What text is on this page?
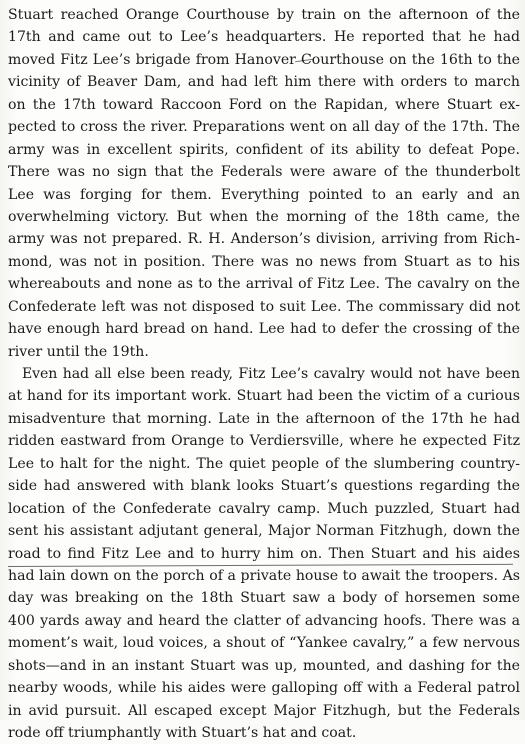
Stuart reached Orange Courthouse by train on the afternoon of the
17th and came out to Lee’s headquarters. He reported that he had
moved Fitz Lee’s brigade from Hanover Courthouse on the 16th to the
vicinity of Beaver Dam, and had left him there with orders to march
on the 17th toward Raccoon Ford on the Rapidan, where Stuart ex-
pected to cross the river. Preparations went on all day of the 17th. The
army was in excellent spirits, confident of its ability to defeat Pope.
There was no sign that the Federals were aware of the thunderbolt
Lee was forging for them. Everything pointed to an early and an
overwhelming victory. But when the morning of the 18th came, the
army was not prepared. R. H. Anderson’s division, arriving from Rich-
mond, was not in position. There was no news from Stuart as to his
whereabouts and none as to the arrival of Fitz Lee. The cavalry on the
Confederate left was not disposed to suit Lee. The commissary did not
have enough hard bread on hand. Lee had to defer the crossing of the
river until the 19th.
Even had all else been ready, Fitz Lee’s cavalry would not have been
at hand for its important work. Stuart had been the victim of a curious
misadventure that morning. Late in the afternoon of the 17th he had
ridden eastward from Orange to Verdiersville, where he expected Fitz
Lee to halt for the night. The quiet people of the slumbering country-
side had answered with blank looks Stuart’s questions regarding the
location of the Confederate cavalry camp. Much puzzled, Stuart had
sent his assistant adjutant general, Major Norman Fitzhugh, down the
road to find Fitz Lee and to hurry him on. Then Stuart and his aides
had lain down on the porch of a private house to await the troopers. As
day was breaking on the 18th Stuart saw a body of horsemen some
400 yards away and heard the clatter of advancing hoofs. There was a
moment’s wait, loud voices, a shout of “Yankee cavalry,” a few nervous
shots—and in an instant Stuart was up, mounted, and dashing for the
nearby woods, while his aides were galloping off with a Federal patrol
in avid pursuit. All escaped except Major Fitzhugh, but the Federals
rode off triumphantly with Stuart’s hat and coat.
